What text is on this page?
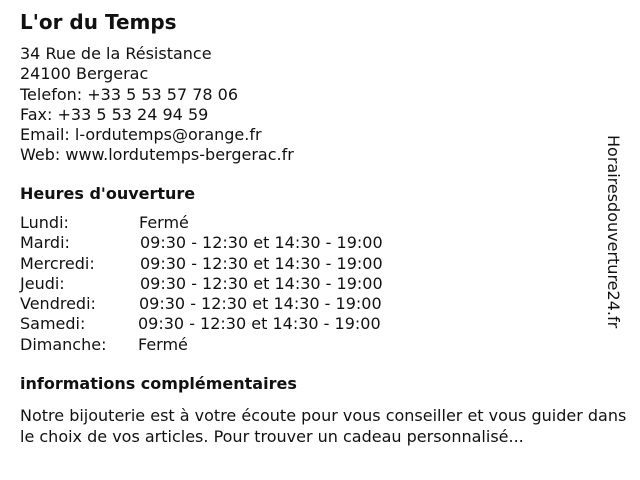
L'or du Temps
34 Rue de la Résistance
24100 Bergerac
Telefon: +33 5 53 57 78 06
Fax: +33 5 53 24 94 59
Email: l-ordutemps@orange.fr
Web: www.lordutemps-bergerac.fr
Heures d'ouverture
Lundi:	Fermé
Mardi:	09:30 - 12:30 et 14:30 - 19:00
Mercredi:	09:30 - 12:30 et 14:30 - 19:00
Jeudi:	09:30 - 12:30 et 14:30 - 19:00
Vendredi:	09:30 - 12:30 et 14:30 - 19:00
Samedi:	09:30 - 12:30 et 14:30 - 19:00
Dimanche: Fermé
informations complémentaires
Notre bijouterie est à votre écoute pour vous conseiller et vous guider dans le choix de vos articles. Pour trouver un cadeau personnalisé...
Horairesdouverture24.fr
